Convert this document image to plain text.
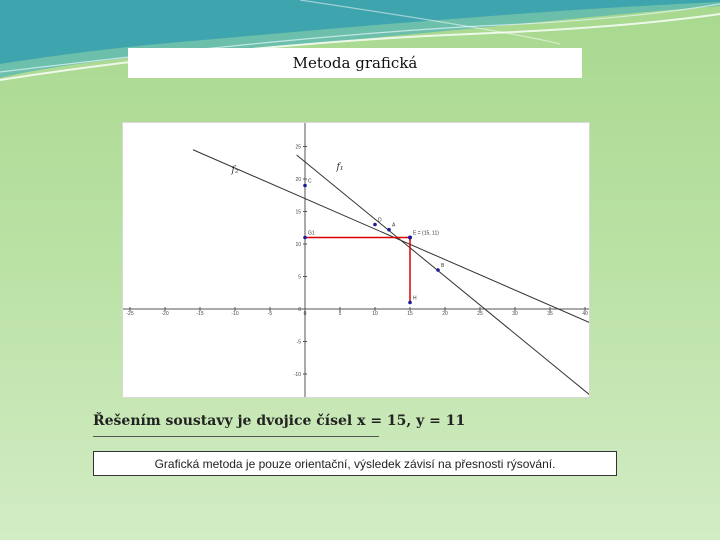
Metoda grafická
-25	-20	-15	-10	-5	0	5	10	15	20	25	30	35	40
25
20
15
10
5
0
-5
-10
f₁
f₂
E = (15, 11)
C
D
A
B
H
G1
Řešením soustavy je dvojice čísel x = 15, y = 11
Grafická metoda je pouze orientační, výsledek závisí na přesnosti rýsování.
